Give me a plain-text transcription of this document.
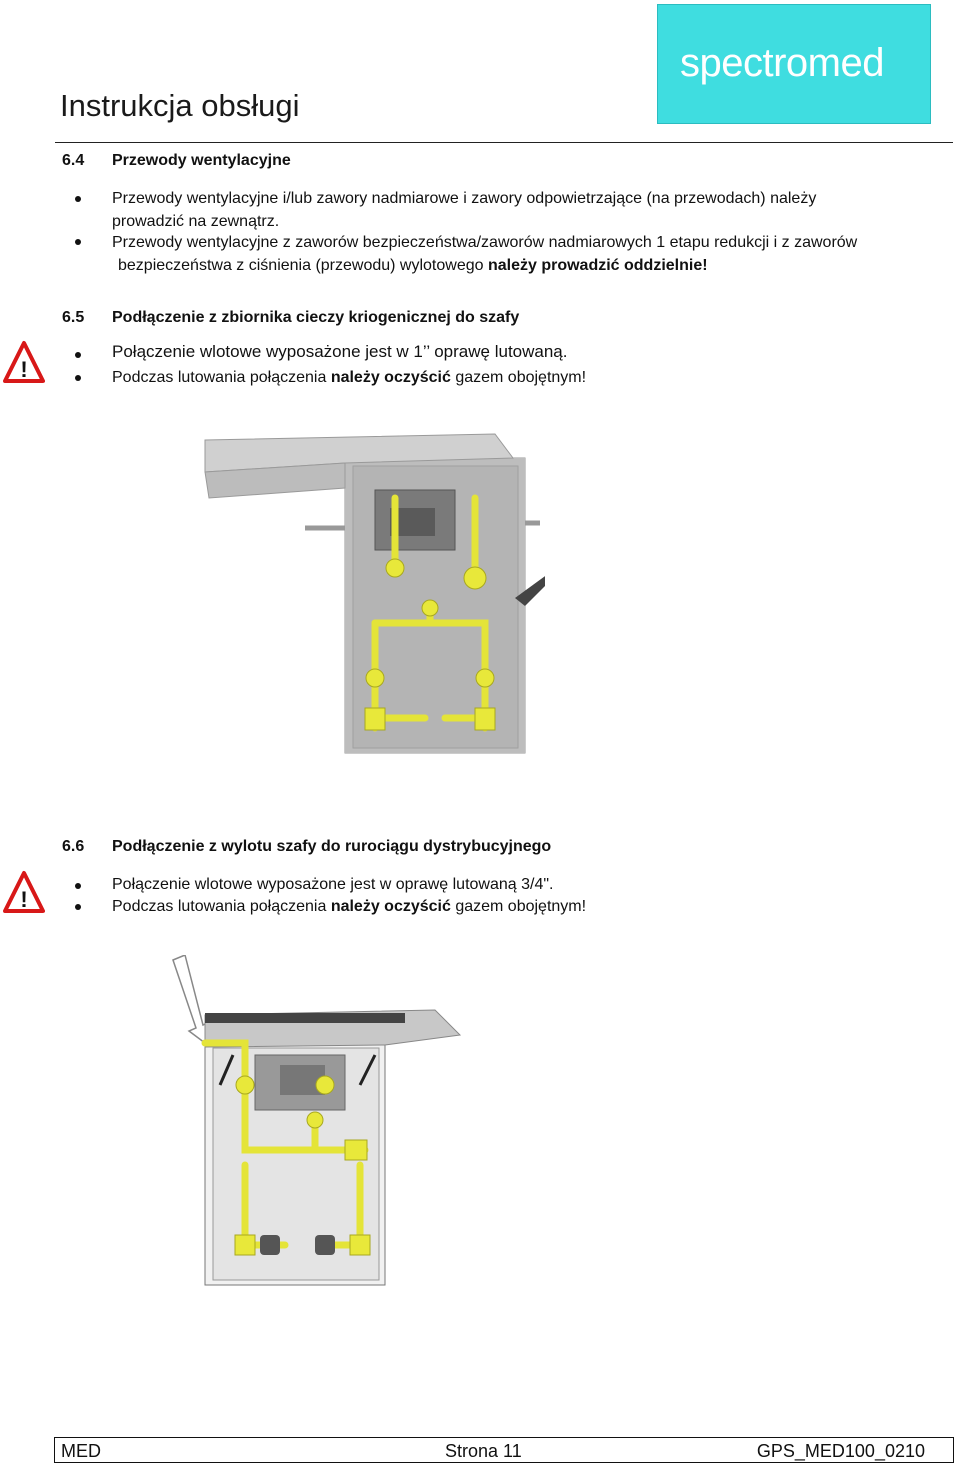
spectromed
Instrukcja obsługi
6.4 Przewody wentylacyjne
Przewody wentylacyjne i/lub zawory nadmiarowe i zawory odpowietrzające (na przewodach) należy
prowadzić na zewnątrz.
Przewody wentylacyjne z zaworów bezpieczeństwa/zaworów nadmiarowych 1 etapu redukcji i z zaworów
bezpieczeństwa z ciśnienia (przewodu) wylotowego należy prowadzić oddzielnie!
6.5 Podłączenie z zbiornika cieczy kriogenicznej do szafy
!
Połączenie wlotowe wyposażone jest w 1’’ oprawę lutowaną.
Podczas lutowania połączenia należy oczyścić gazem obojętnym!
6.6 Podłączenie z wylotu szafy do rurociągu dystrybucyjnego
!
Połączenie wlotowe wyposażone jest w oprawę lutowaną 3/4".
Podczas lutowania połączenia należy oczyścić gazem obojętnym!
MED	Strona 11	GPS_MED100_0210
